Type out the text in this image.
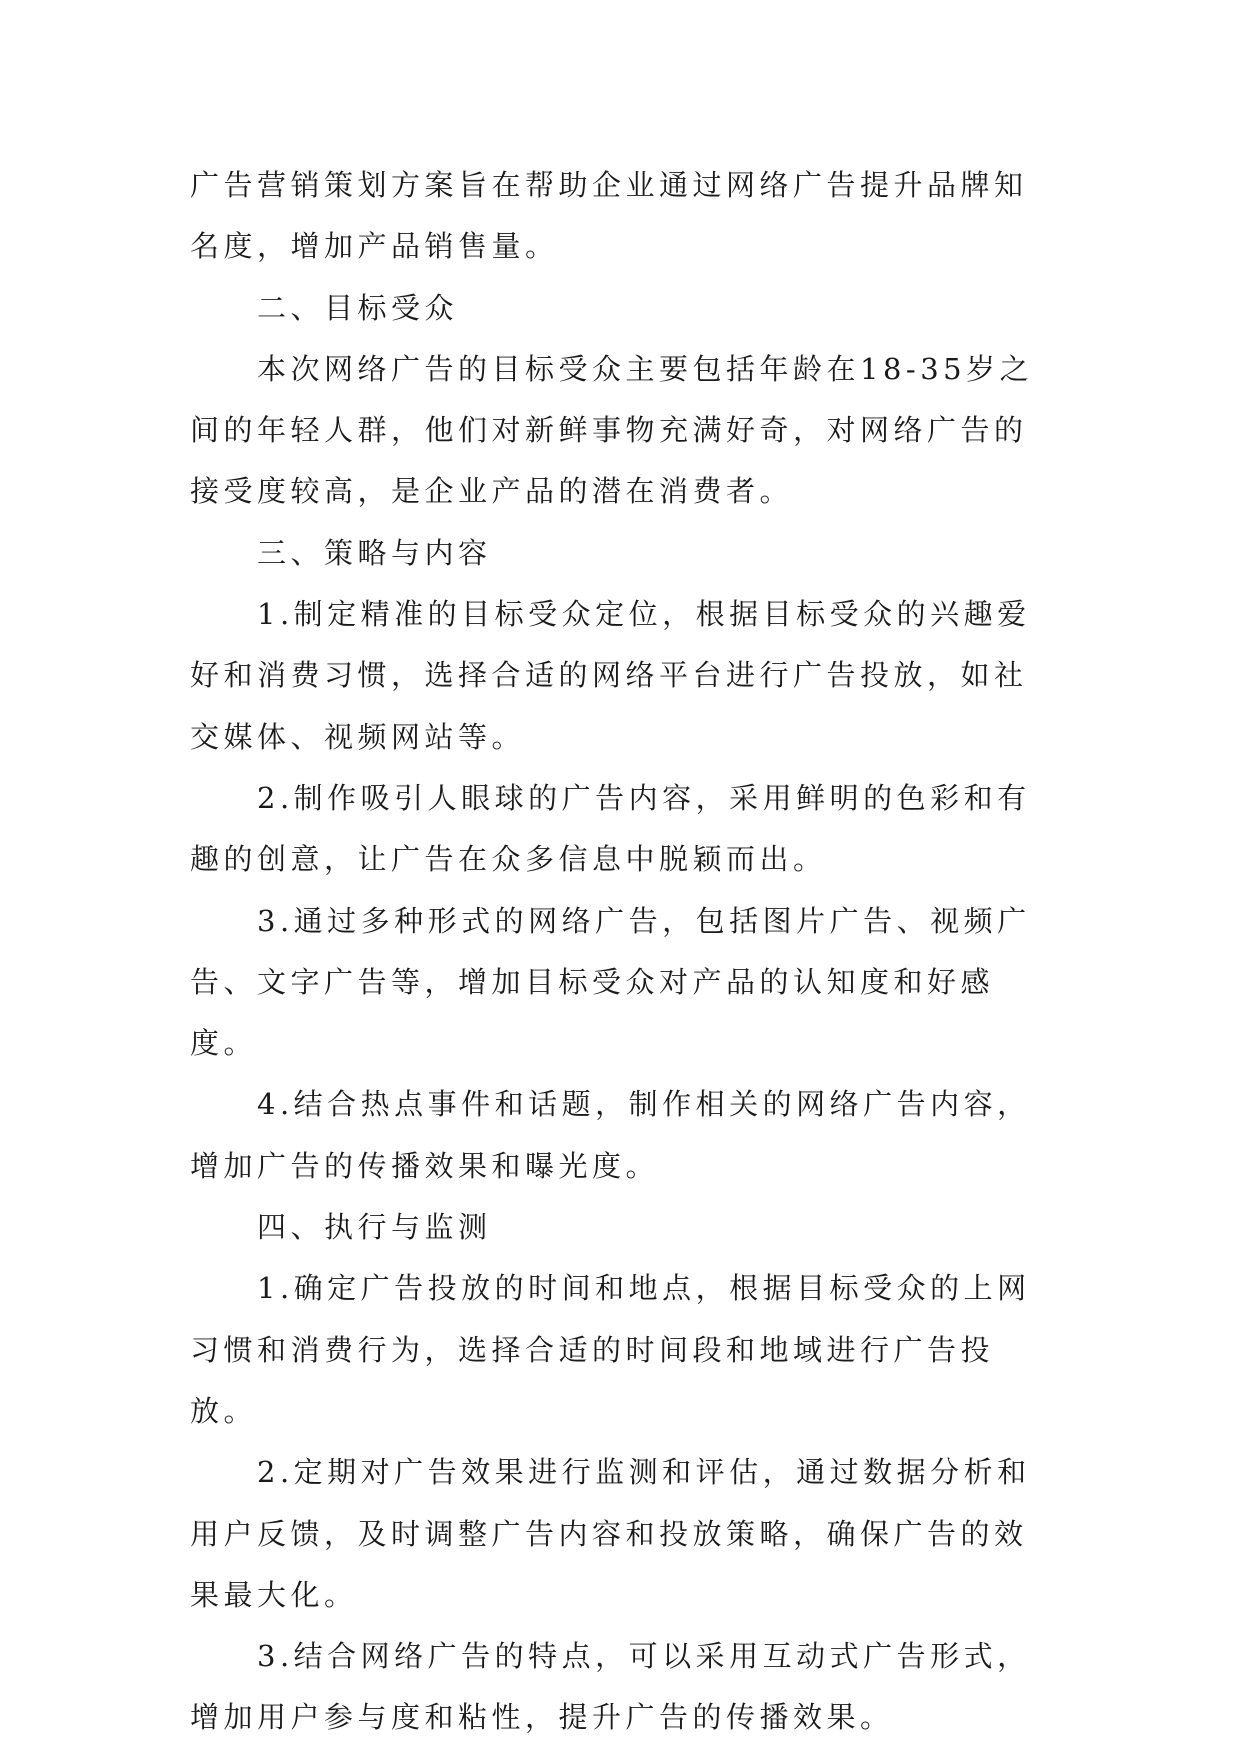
广告营销策划方案旨在帮助企业通过网络广告提升品牌知名度，增加产品销售量。

二、目标受众

本次网络广告的目标受众主要包括年龄在18-35岁之间的年轻人群，他们对新鲜事物充满好奇，对网络广告的接受度较高，是企业产品的潜在消费者。

三、策略与内容

1.制定精准的目标受众定位，根据目标受众的兴趣爱好和消费习惯，选择合适的网络平台进行广告投放，如社交媒体、视频网站等。

2.制作吸引人眼球的广告内容，采用鲜明的色彩和有趣的创意，让广告在众多信息中脱颖而出。

3.通过多种形式的网络广告，包括图片广告、视频广告、文字广告等，增加目标受众对产品的认知度和好感度。

4.结合热点事件和话题，制作相关的网络广告内容，增加广告的传播效果和曝光度。

四、执行与监测

1.确定广告投放的时间和地点，根据目标受众的上网习惯和消费行为，选择合适的时间段和地域进行广告投放。

2.定期对广告效果进行监测和评估，通过数据分析和用户反馈，及时调整广告内容和投放策略，确保广告的效果最大化。

3.结合网络广告的特点，可以采用互动式广告形式，增加用户参与度和粘性，提升广告的传播效果。
